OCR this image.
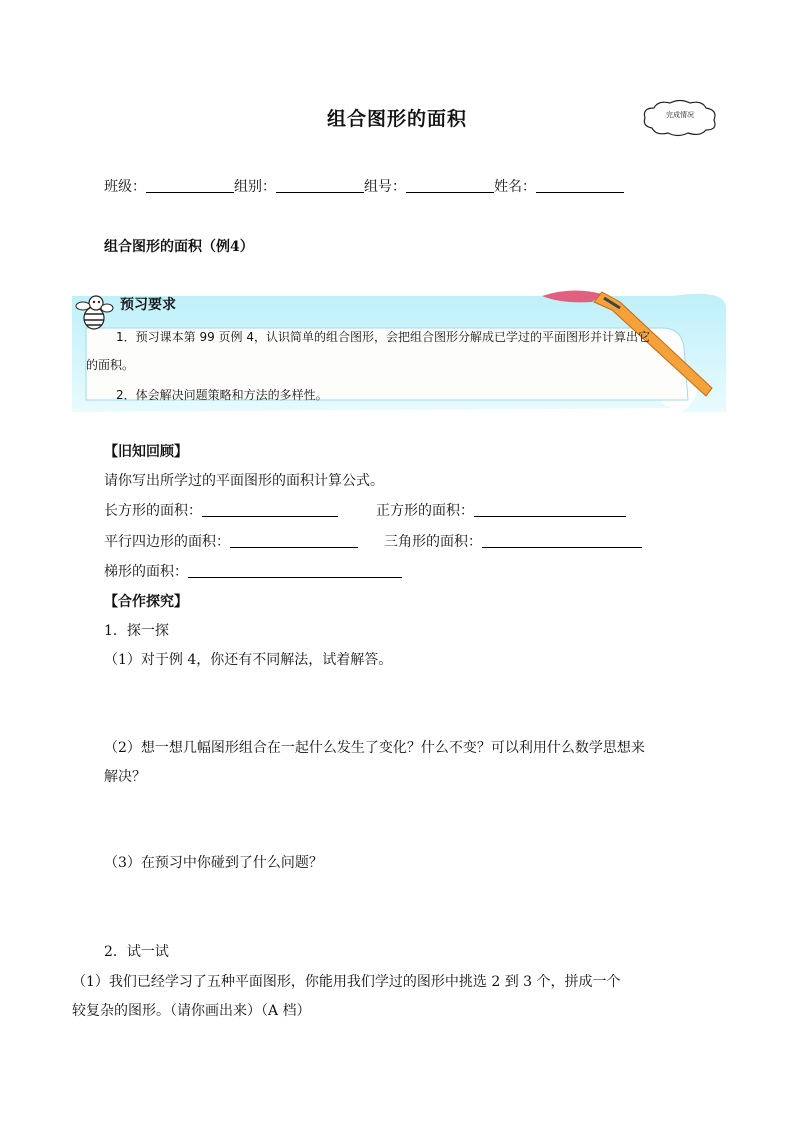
组合图形的面积	完成情况
班级：	组别：	组号：	姓名：
组合图形的面积（例4）
预习要求
1．预习课本第 99 页例 4，认识简单的组合图形，会把组合图形分解成已学过的平面图形并计算出它
的面积。
2．体会解决问题策略和方法的多样性。
【旧知回顾】
请你写出所学过的平面图形的面积计算公式。
长方形的面积：	正方形的面积：
平行四边形的面积：	三角形的面积：
梯形的面积：
【合作探究】
1．探一探
（1）对于例 4，你还有不同解法，试着解答。
（2）想一想几幅图形组合在一起什么发生了变化？什么不变？可以利用什么数学思想来
解决？
（3）在预习中你碰到了什么问题？
2．试一试
（1）我们已经学习了五种平面图形，你能用我们学过的图形中挑选 2 到 3 个，拼成一个
较复杂的图形。（请你画出来）（A 档）
